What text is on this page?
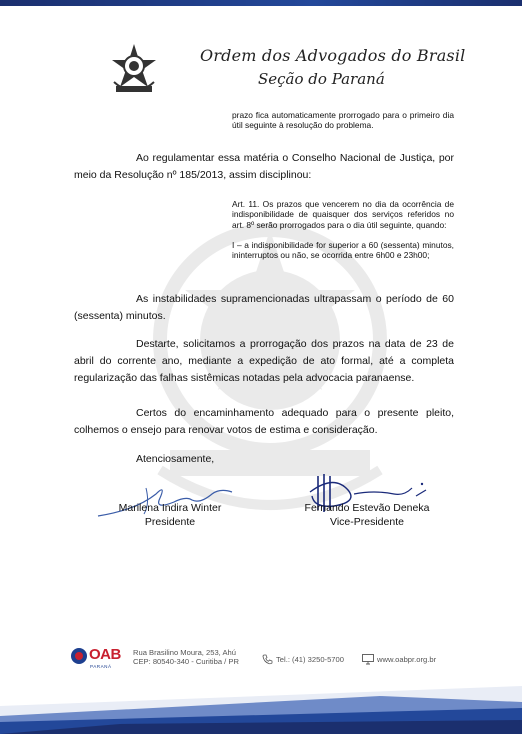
Ordem dos Advogados do Brasil
Seção do Paraná
prazo fica automaticamente prorrogado para o primeiro dia útil seguinte à resolução do problema.
Ao regulamentar essa matéria o Conselho Nacional de Justiça, por meio da Resolução nº 185/2013, assim disciplinou:
Art. 11. Os prazos que vencerem no dia da ocorrência de indisponibilidade de quaisquer dos serviços referidos no art. 8º serão prorrogados para o dia útil seguinte, quando:
I – a indisponibilidade for superior a 60 (sessenta) minutos, ininterruptos ou não, se ocorrida entre 6h00 e 23h00;
As instabilidades supramencionadas ultrapassam o período de 60 (sessenta) minutos.
Destarte, solicitamos a prorrogação dos prazos na data de 23 de abril do corrente ano, mediante a expedição de ato formal, até a completa regularização das falhas sistêmicas notadas pela advocacia paranaense.
Certos do encaminhamento adequado para o presente pleito, colhemos o ensejo para renovar votos de estima e consideração.
Atenciosamente,
Marilena Indira Winter
Presidente
Fernando Estevão Deneka
Vice-Presidente
OAB
PARANÁ
Rua Brasilino Moura, 253, Ahú
CEP: 80540-340 - Curitiba / PR	Tel.: (41) 3250-5700	www.oabpr.org.br
